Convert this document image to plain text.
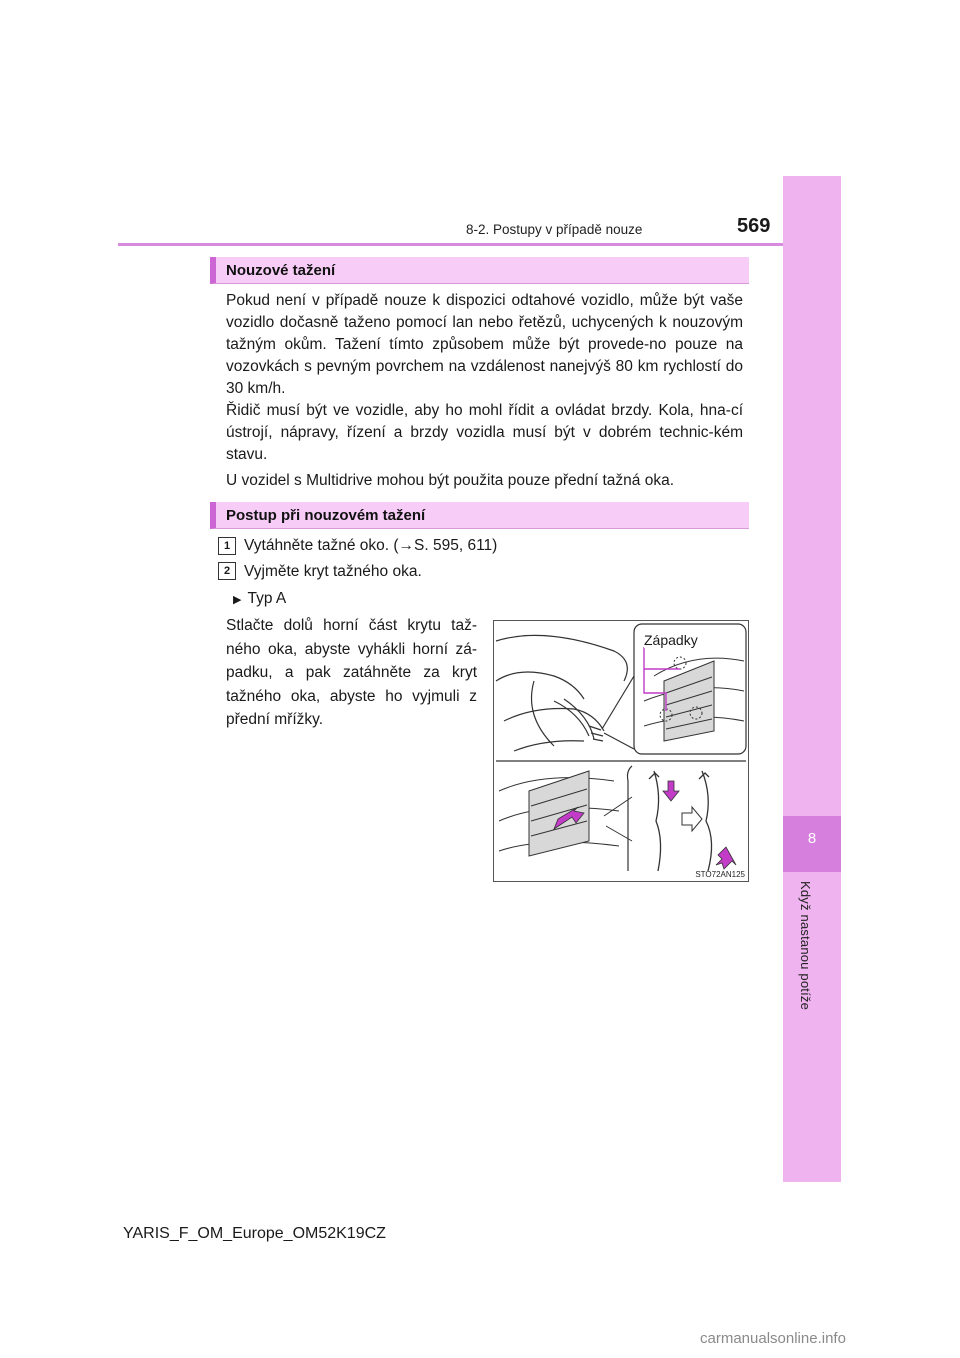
8
Když nastanou potíže
8-2. Postupy v případě nouze	569
Nouzové tažení

Pokud není v případě nouze k dispozici odtahové vozidlo, může být vaše vozidlo dočasně taženo pomocí lan nebo řetězů, uchycených k nouzovým tažným okům. Tažení tímto způsobem může být provede-no pouze na vozovkách s pevným povrchem na vzdálenost nanejvýš 80 km rychlostí do 30 km/h.

Řidič musí být ve vozidle, aby ho mohl řídit a ovládat brzdy. Kola, hna-cí ústrojí, nápravy, řízení a brzdy vozidla musí být v dobrém technic-kém stavu.

U vozidel s Multidrive mohou být použita pouze přední tažná oka.

Postup při nouzovém tažení
1 Vytáhněte tažné oko. (→S. 595, 611)
2 Vyjměte kryt tažného oka.
▶ Typ A

Stlačte dolů horní část krytu taž-ného oka, abyste vyhákli horní zá-padku, a pak zatáhněte za kryt tažného oka, abyste ho vyjmuli z přední mřížky.

Západky
STO72AN125
YARIS_F_OM_Europe_OM52K19CZ
carmanualsonline.info
